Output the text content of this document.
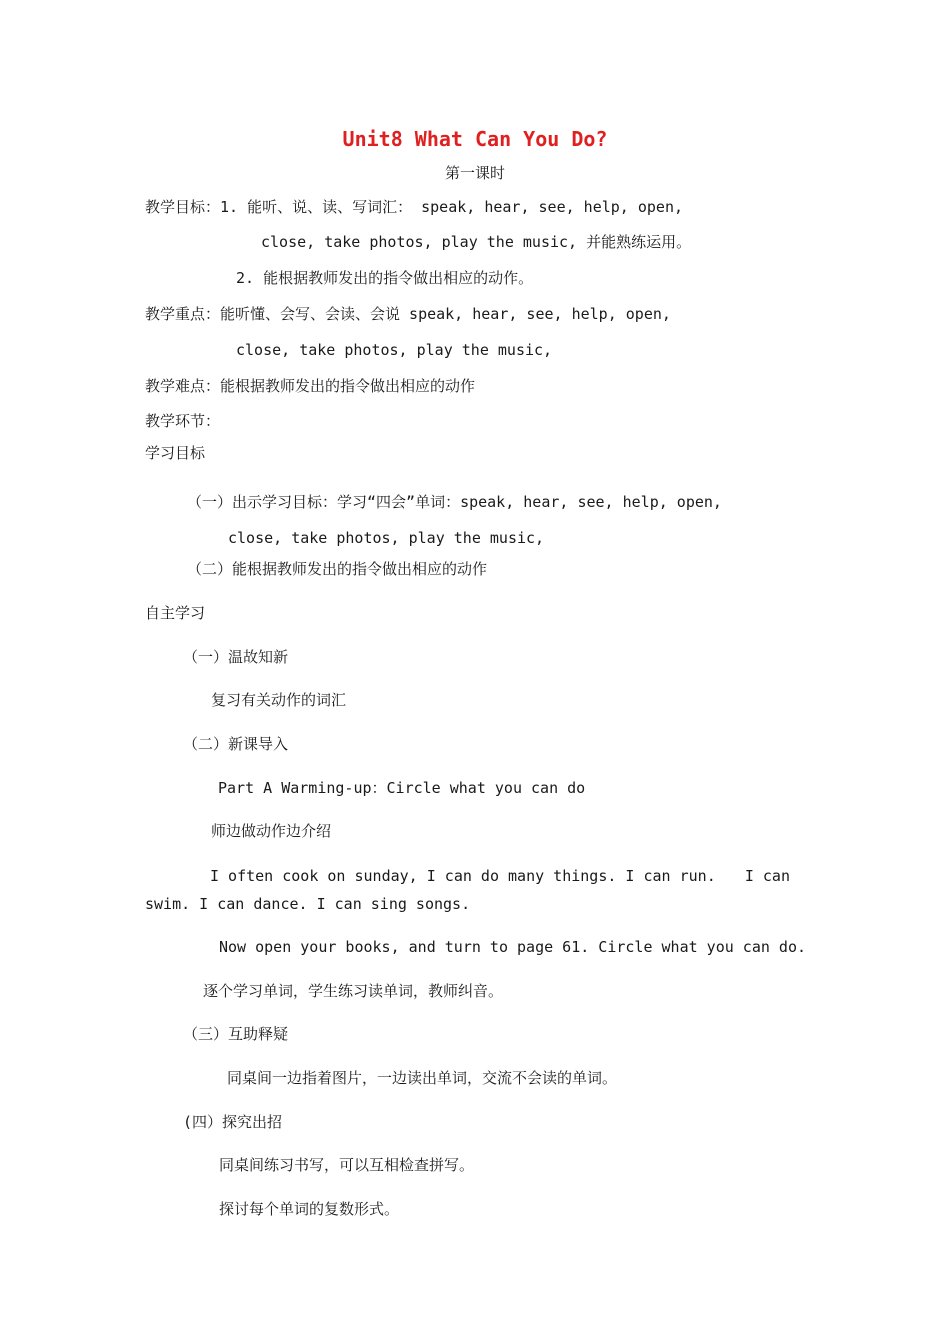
Unit8 What Can You Do?
第一课时
教学目标：1. 能听、说、读、写词汇： speak, hear, see, help, open,
close, take photos, play the music, 并能熟练运用。
2. 能根据教师发出的指令做出相应的动作。
教学重点：能听懂、会写、会读、会说 speak, hear, see, help, open,
close, take photos, play the music,
教学难点：能根据教师发出的指令做出相应的动作
教学环节：
学习目标
（一）出示学习目标：学习“四会”单词：speak, hear, see, help, open,
close, take photos, play the music,
（二）能根据教师发出的指令做出相应的动作
自主学习
（一）温故知新
复习有关动作的词汇
（二）新课导入
Part A Warming-up：Circle what you can do
师边做动作边介绍
I often cook on sunday, I can do many things. I can run. I can
swim. I can dance. I can sing songs.
Now open your books, and turn to page 61. Circle what you can do.
逐个学习单词，学生练习读单词，教师纠音。
（三）互助释疑
同桌间一边指着图片，一边读出单词，交流不会读的单词。
(四）探究出招
同桌间练习书写，可以互相检查拼写。
探讨每个单词的复数形式。
